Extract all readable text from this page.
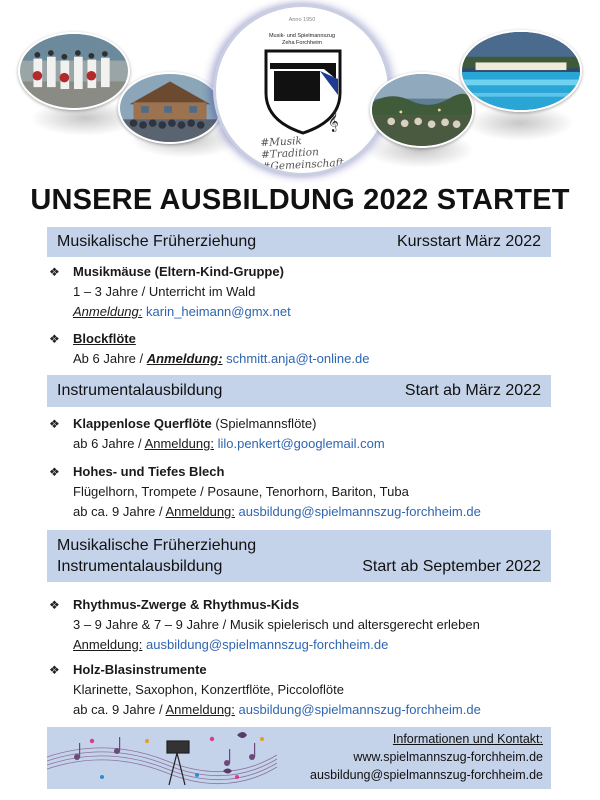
Anno 1950
Musik- und Spielmannszug
Zeha Forchheim
𝄞
#Musik
#Tradition
#Gemeinschaft
UNSERE AUSBILDUNG 2022 STARTET
Musikalische Früherziehung	Kursstart März 2022
❖ Musikmäuse (Eltern-Kind-Gruppe)
1 – 3 Jahre / Unterricht im Wald
Anmeldung: karin_heimann@gmx.net
❖ Blockflöte
Ab 6 Jahre / Anmeldung: schmitt.anja@t-online.de
Instrumentalausbildung	Start ab März 2022
❖ Klappenlose Querflöte (Spielmannsflöte)
ab 6 Jahre / Anmeldung: lilo.penkert@googlemail.com
❖ Hohes- und Tiefes Blech
Flügelhorn, Trompete / Posaune, Tenorhorn, Bariton, Tuba
ab ca. 9 Jahre / Anmeldung: ausbildung@spielmannszug-forchheim.de
Musikalische Früherziehung
Instrumentalausbildung	Start ab September 2022
❖ Rhythmus-Zwerge & Rhythmus-Kids
3 – 9 Jahre & 7 – 9 Jahre / Musik spielerisch und altersgerecht erleben
Anmeldung: ausbildung@spielmannszug-forchheim.de
❖ Holz-Blasinstrumente
Klarinette, Saxophon, Konzertflöte, Piccoloflöte
ab ca. 9 Jahre / Anmeldung: ausbildung@spielmannszug-forchheim.de
Informationen und Kontakt:
www.spielmannszug-forchheim.de
ausbildung@spielmannszug-forchheim.de
